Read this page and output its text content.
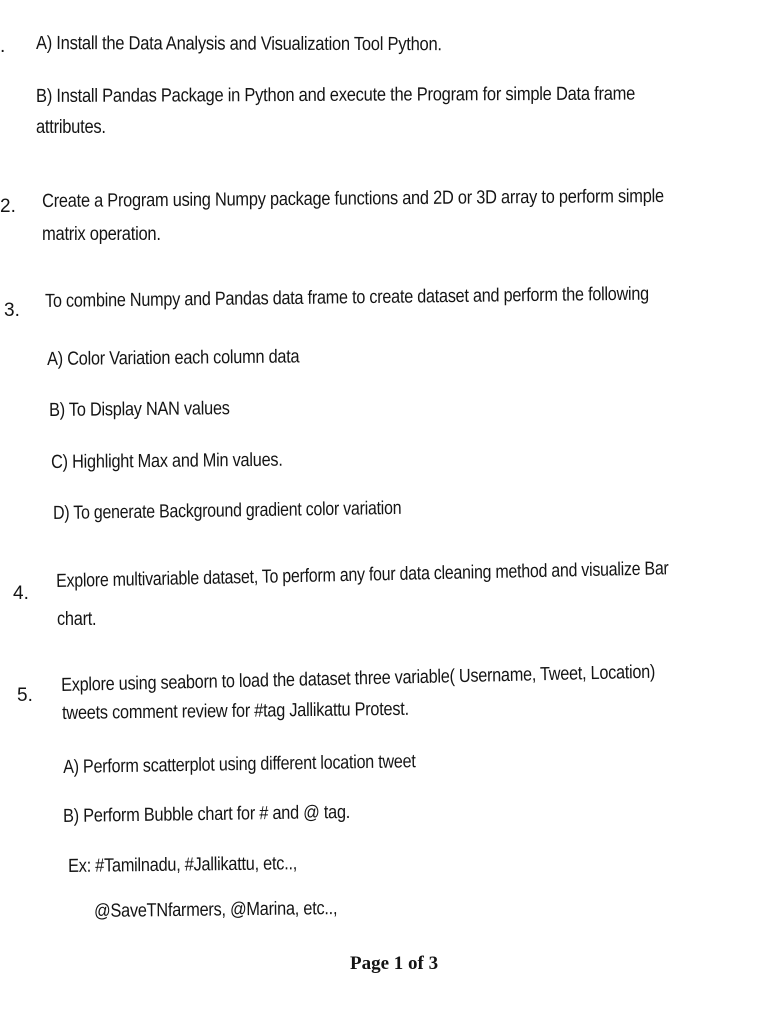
. A) Install the Data Analysis and Visualization Tool Python.
B) Install Pandas Package in Python and execute the Program for simple Data frame
attributes.
2. Create a Program using Numpy package functions and 2D or 3D array to perform simple
matrix operation.
3. To combine Numpy and Pandas data frame to create dataset and perform the following
A) Color Variation each column data
B) To Display NAN values
C) Highlight Max and Min values.
D) To generate Background gradient color variation
4.
Explore multivariable dataset, To perform any four data cleaning method and visualize Bar
chart.
5. Explore using seaborn to load the dataset three variable( Username, Tweet, Location)
tweets comment review for #tag Jallikattu Protest.
A) Perform scatterplot using different location tweet
B) Perform Bubble chart for # and @ tag.
Ex: #Tamilnadu, #Jallikattu, etc..,
@SaveTNfarmers, @Marina, etc..,
Page 1 of 3
